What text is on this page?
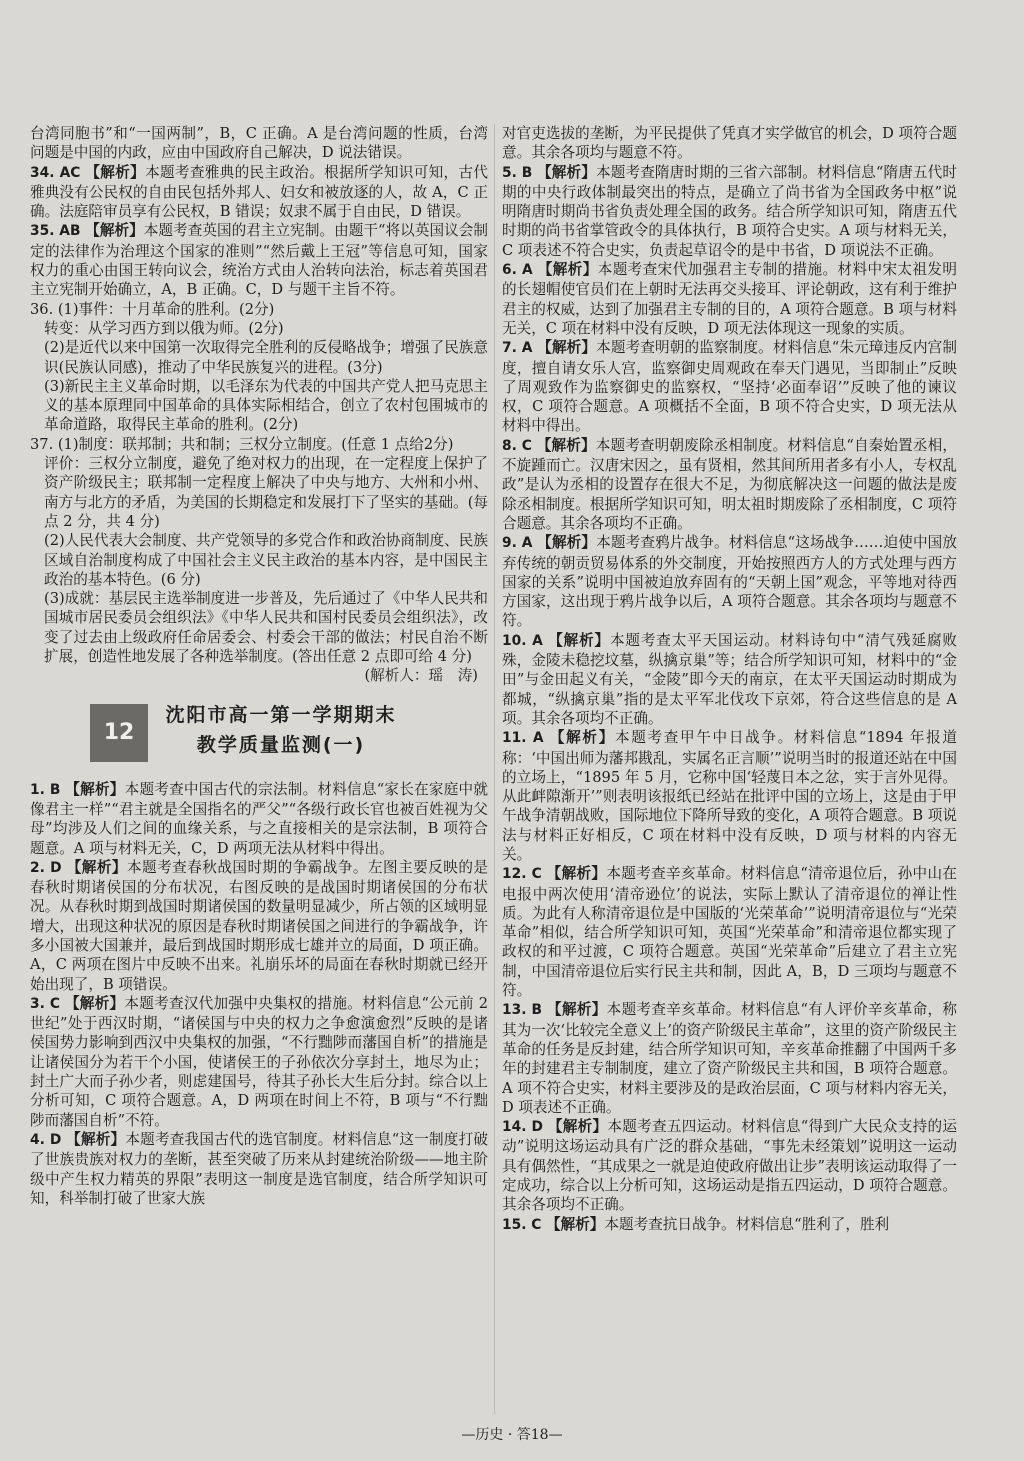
台湾同胞书”和“一国两制”，B，C 正确。A 是台湾问题的性质，台湾问题是中国的内政，应由中国政府自己解决，D 说法错误。

34. AC 【解析】本题考查雅典的民主政治。根据所学知识可知，古代雅典没有公民权的自由民包括外邦人、妇女和被放逐的人，故 A，C 正确。法庭陪审员享有公民权，B 错误；奴隶不属于自由民，D 错误。

35. AB 【解析】本题考查英国的君主立宪制。由题干“将以英国议会制定的法律作为治理这个国家的准则”“然后戴上王冠”等信息可知，国家权力的重心由国王转向议会，统治方式由人治转向法治，标志着英国君主立宪制开始确立，A，B 正确。C，D 与题干主旨不符。

36. (1)事件：十月革命的胜利。(2分)

转变：从学习西方到以俄为师。(2分)

(2)是近代以来中国第一次取得完全胜利的反侵略战争；增强了民族意识(民族认同感)，推动了中华民族复兴的进程。(3分)

(3)新民主主义革命时期，以毛泽东为代表的中国共产党人把马克思主义的基本原理同中国革命的具体实际相结合，创立了农村包围城市的革命道路，取得民主革命的胜利。(2分)

37. (1)制度：联邦制；共和制；三权分立制度。(任意 1 点给2分)

评价：三权分立制度，避免了绝对权力的出现，在一定程度上保护了资产阶级民主；联邦制一定程度上解决了中央与地方、大州和小州、南方与北方的矛盾，为美国的长期稳定和发展打下了坚实的基础。(每点 2 分，共 4 分)

(2)人民代表大会制度、共产党领导的多党合作和政治协商制度、民族区域自治制度构成了中国社会主义民主政治的基本内容，是中国民主政治的基本特色。(6 分)

(3)成就：基层民主选举制度进一步普及，先后通过了《中华人民共和国城市居民委员会组织法》《中华人民共和国村民委员会组织法》，改变了过去由上级政府任命居委会、村委会干部的做法；村民自治不断扩展，创造性地发展了各种选举制度。(答出任意 2 点即可给 4 分)

(解析人：瑶　涛)

12
沈阳市高一第一学期期末
教学质量监测(一)

1. B 【解析】本题考查中国古代的宗法制。材料信息“家长在家庭中就像君主一样”“君主就是全国指名的严父”“各级行政长官也被百姓视为父母”均涉及人们之间的血缘关系，与之直接相关的是宗法制，B 项符合题意。A 项与材料无关，C，D 两项无法从材料中得出。

2. D 【解析】本题考查春秋战国时期的争霸战争。左图主要反映的是春秋时期诸侯国的分布状况，右图反映的是战国时期诸侯国的分布状况。从春秋时期到战国时期诸侯国的数量明显减少，所占领的区域明显增大，出现这种状况的原因是春秋时期诸侯国之间进行的争霸战争，许多小国被大国兼并，最后到战国时期形成七雄并立的局面，D 项正确。A，C 两项在图片中反映不出来。礼崩乐坏的局面在春秋时期就已经开始出现了，B 项错误。

3. C 【解析】本题考查汉代加强中央集权的措施。材料信息“公元前 2 世纪”处于西汉时期，“诸侯国与中央的权力之争愈演愈烈”反映的是诸侯国势力影响到西汉中央集权的加强，“不行黜陟而藩国自析”的措施是让诸侯国分为若干个小国，使诸侯王的子孙依次分享封土，地尽为止；封土广大而子孙少者，则虑建国号，待其子孙长大生后分封。综合以上分析可知，C 项符合题意。A，D 两项在时间上不符，B 项与“不行黜陟而藩国自析”不符。

4. D 【解析】本题考查我国古代的选官制度。材料信息“这一制度打破了世族贵族对权力的垄断，甚至突破了历来从封建统治阶级——地主阶级中产生权力精英的界限”表明这一制度是选官制度，结合所学知识可知，科举制打破了世家大族

对官吏选拔的垄断，为平民提供了凭真才实学做官的机会，D 项符合题意。其余各项均与题意不符。

5. B 【解析】本题考查隋唐时期的三省六部制。材料信息“隋唐五代时期的中央行政体制最突出的特点，是确立了尚书省为全国政务中枢”说明隋唐时期尚书省负责处理全国的政务。结合所学知识可知，隋唐五代时期的尚书省掌管政令的具体执行，B 项符合史实。A 项与材料无关，C 项表述不符合史实，负责起草诏令的是中书省，D 项说法不正确。

6. A 【解析】本题考查宋代加强君主专制的措施。材料中宋太祖发明的长翅帽使官员们在上朝时无法再交头接耳、评论朝政，这有利于维护君主的权威，达到了加强君主专制的目的，A 项符合题意。B 项与材料无关，C 项在材料中没有反映，D 项无法体现这一现象的实质。

7. A 【解析】本题考查明朝的监察制度。材料信息“朱元璋违反内宫制度，擅自请女乐人宫，监察御史周观政在奉天门遇见，当即制止”反映了周观致作为监察御史的监察权，“坚持‘必面奉诏’”反映了他的谏议权，C 项符合题意。A 项概括不全面，B 项不符合史实，D 项无法从材料中得出。

8. C 【解析】本题考查明朝废除丞相制度。材料信息“自秦始置丞相，不旋踵而亡。汉唐宋因之，虽有贤相，然其间所用者多有小人，专权乱政”是认为丞相的设置存在很大不足，为彻底解决这一问题的做法是废除丞相制度。根据所学知识可知，明太祖时期废除了丞相制度，C 项符合题意。其余各项均不正确。

9. A 【解析】本题考查鸦片战争。材料信息“这场战争……迫使中国放弃传统的朝贡贸易体系的外交制度，开始按照西方人的方式处理与西方国家的关系”说明中国被迫放弃固有的“天朝上国”观念，平等地对待西方国家，这出现于鸦片战争以后，A 项符合题意。其余各项均与题意不符。

10. A 【解析】本题考查太平天国运动。材料诗句中“清气残延腐败殊，金陵未稳挖坟墓，纵擒京巢”等；结合所学知识可知，材料中的“金田”与金田起义有关，“金陵”即今天的南京，在太平天国运动时期成为都城，“纵擒京巢”指的是太平军北伐攻下京郊，符合这些信息的是 A 项。其余各项均不正确。

11. A 【解析】本题考查甲午中日战争。材料信息“1894 年报道称：‘中国出师为藩邦戡乱，实属名正言顺’”说明当时的报道还站在中国的立场上，“1895 年 5 月，它称中国‘轻蔑日本之忿，实于言外见得。从此衅隙渐开’”则表明该报纸已经站在批评中国的立场上，这是由于甲午战争清朝战败，国际地位下降所导致的变化，A 项符合题意。B 项说法与材料正好相反，C 项在材料中没有反映，D 项与材料的内容无关。

12. C 【解析】本题考查辛亥革命。材料信息“清帝退位后，孙中山在电报中两次使用‘清帝逊位’的说法，实际上默认了清帝退位的禅让性质。为此有人称清帝退位是中国版的‘光荣革命’”说明清帝退位与“光荣革命”相似，结合所学知识可知，英国“光荣革命”和清帝退位都实现了政权的和平过渡，C 项符合题意。英国“光荣革命”后建立了君主立宪制，中国清帝退位后实行民主共和制，因此 A，B，D 三项均与题意不符。

13. B 【解析】本题考查辛亥革命。材料信息“有人评价辛亥革命，称其为一次‘比较完全意义上’的资产阶级民主革命”，这里的资产阶级民主革命的任务是反封建，结合所学知识可知，辛亥革命推翻了中国两千多年的封建君主专制制度，建立了资产阶级民主共和国，B 项符合题意。A 项不符合史实，材料主要涉及的是政治层面，C 项与材料内容无关，D 项表述不正确。

14. D 【解析】本题考查五四运动。材料信息“得到广大民众支持的运动”说明这场运动具有广泛的群众基础，“事先未经策划”说明这一运动具有偶然性，“其成果之一就是迫使政府做出让步”表明该运动取得了一定成功，综合以上分析可知，这场运动是指五四运动，D 项符合题意。其余各项均不正确。

15. C 【解析】本题考查抗日战争。材料信息“胜利了，胜利

—历史 · 答18—
